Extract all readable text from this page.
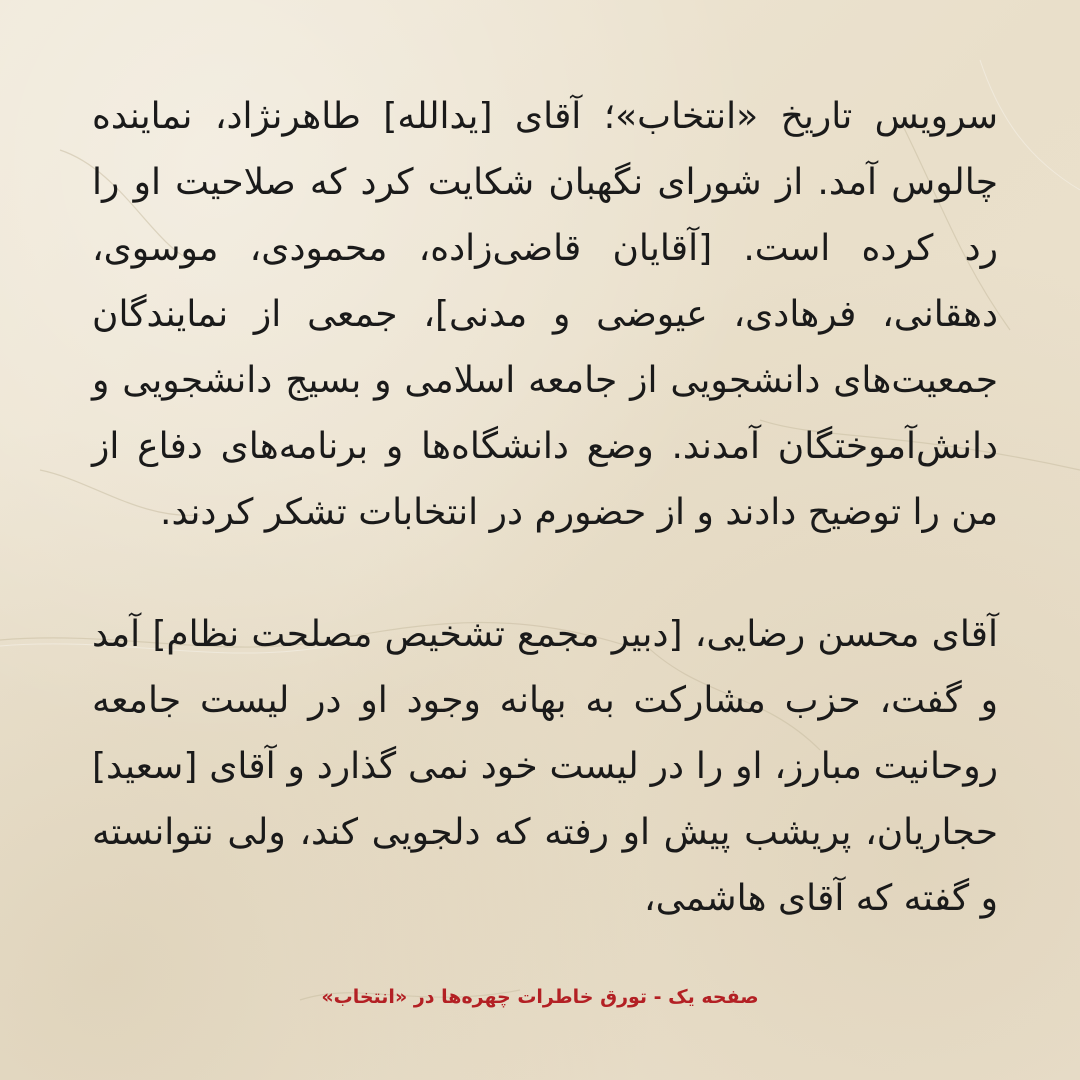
سرویس تاریخ «انتخاب»؛ آقای [یدالله] طاهرنژاد، نماینده چالوس آمد. از شورای نگهبان شکایت کرد که صلاحیت او را رد کرده است. [آقایان قاضی‌زاده، محمودی، موسوی، دهقانی، فرهادی، عیوضی و مدنی]، جمعی از نمایندگان جمعیت‌های دانشجویی از جامعه اسلامی و بسیج دانشجویی و دانش‌آموختگان آمدند. وضع دانشگاه‌ها و برنامه‌های دفاع از من را توضیح دادند و از حضورم در انتخابات تشکر کردند.

آقای محسن رضایی، [دبیر مجمع تشخیص مصلحت نظام] آمد و گفت، حزب مشارکت به بهانه وجود او در لیست جامعه روحانیت مبارز، او را در لیست خود نمی گذارد و آقای [سعید] حجاریان، پریشب پیش او رفته که دلجویی کند، ولی نتوانسته و گفته که آقای هاشمی،

صفحه یک - تورق خاطرات چهره‌ها در «انتخاب»
